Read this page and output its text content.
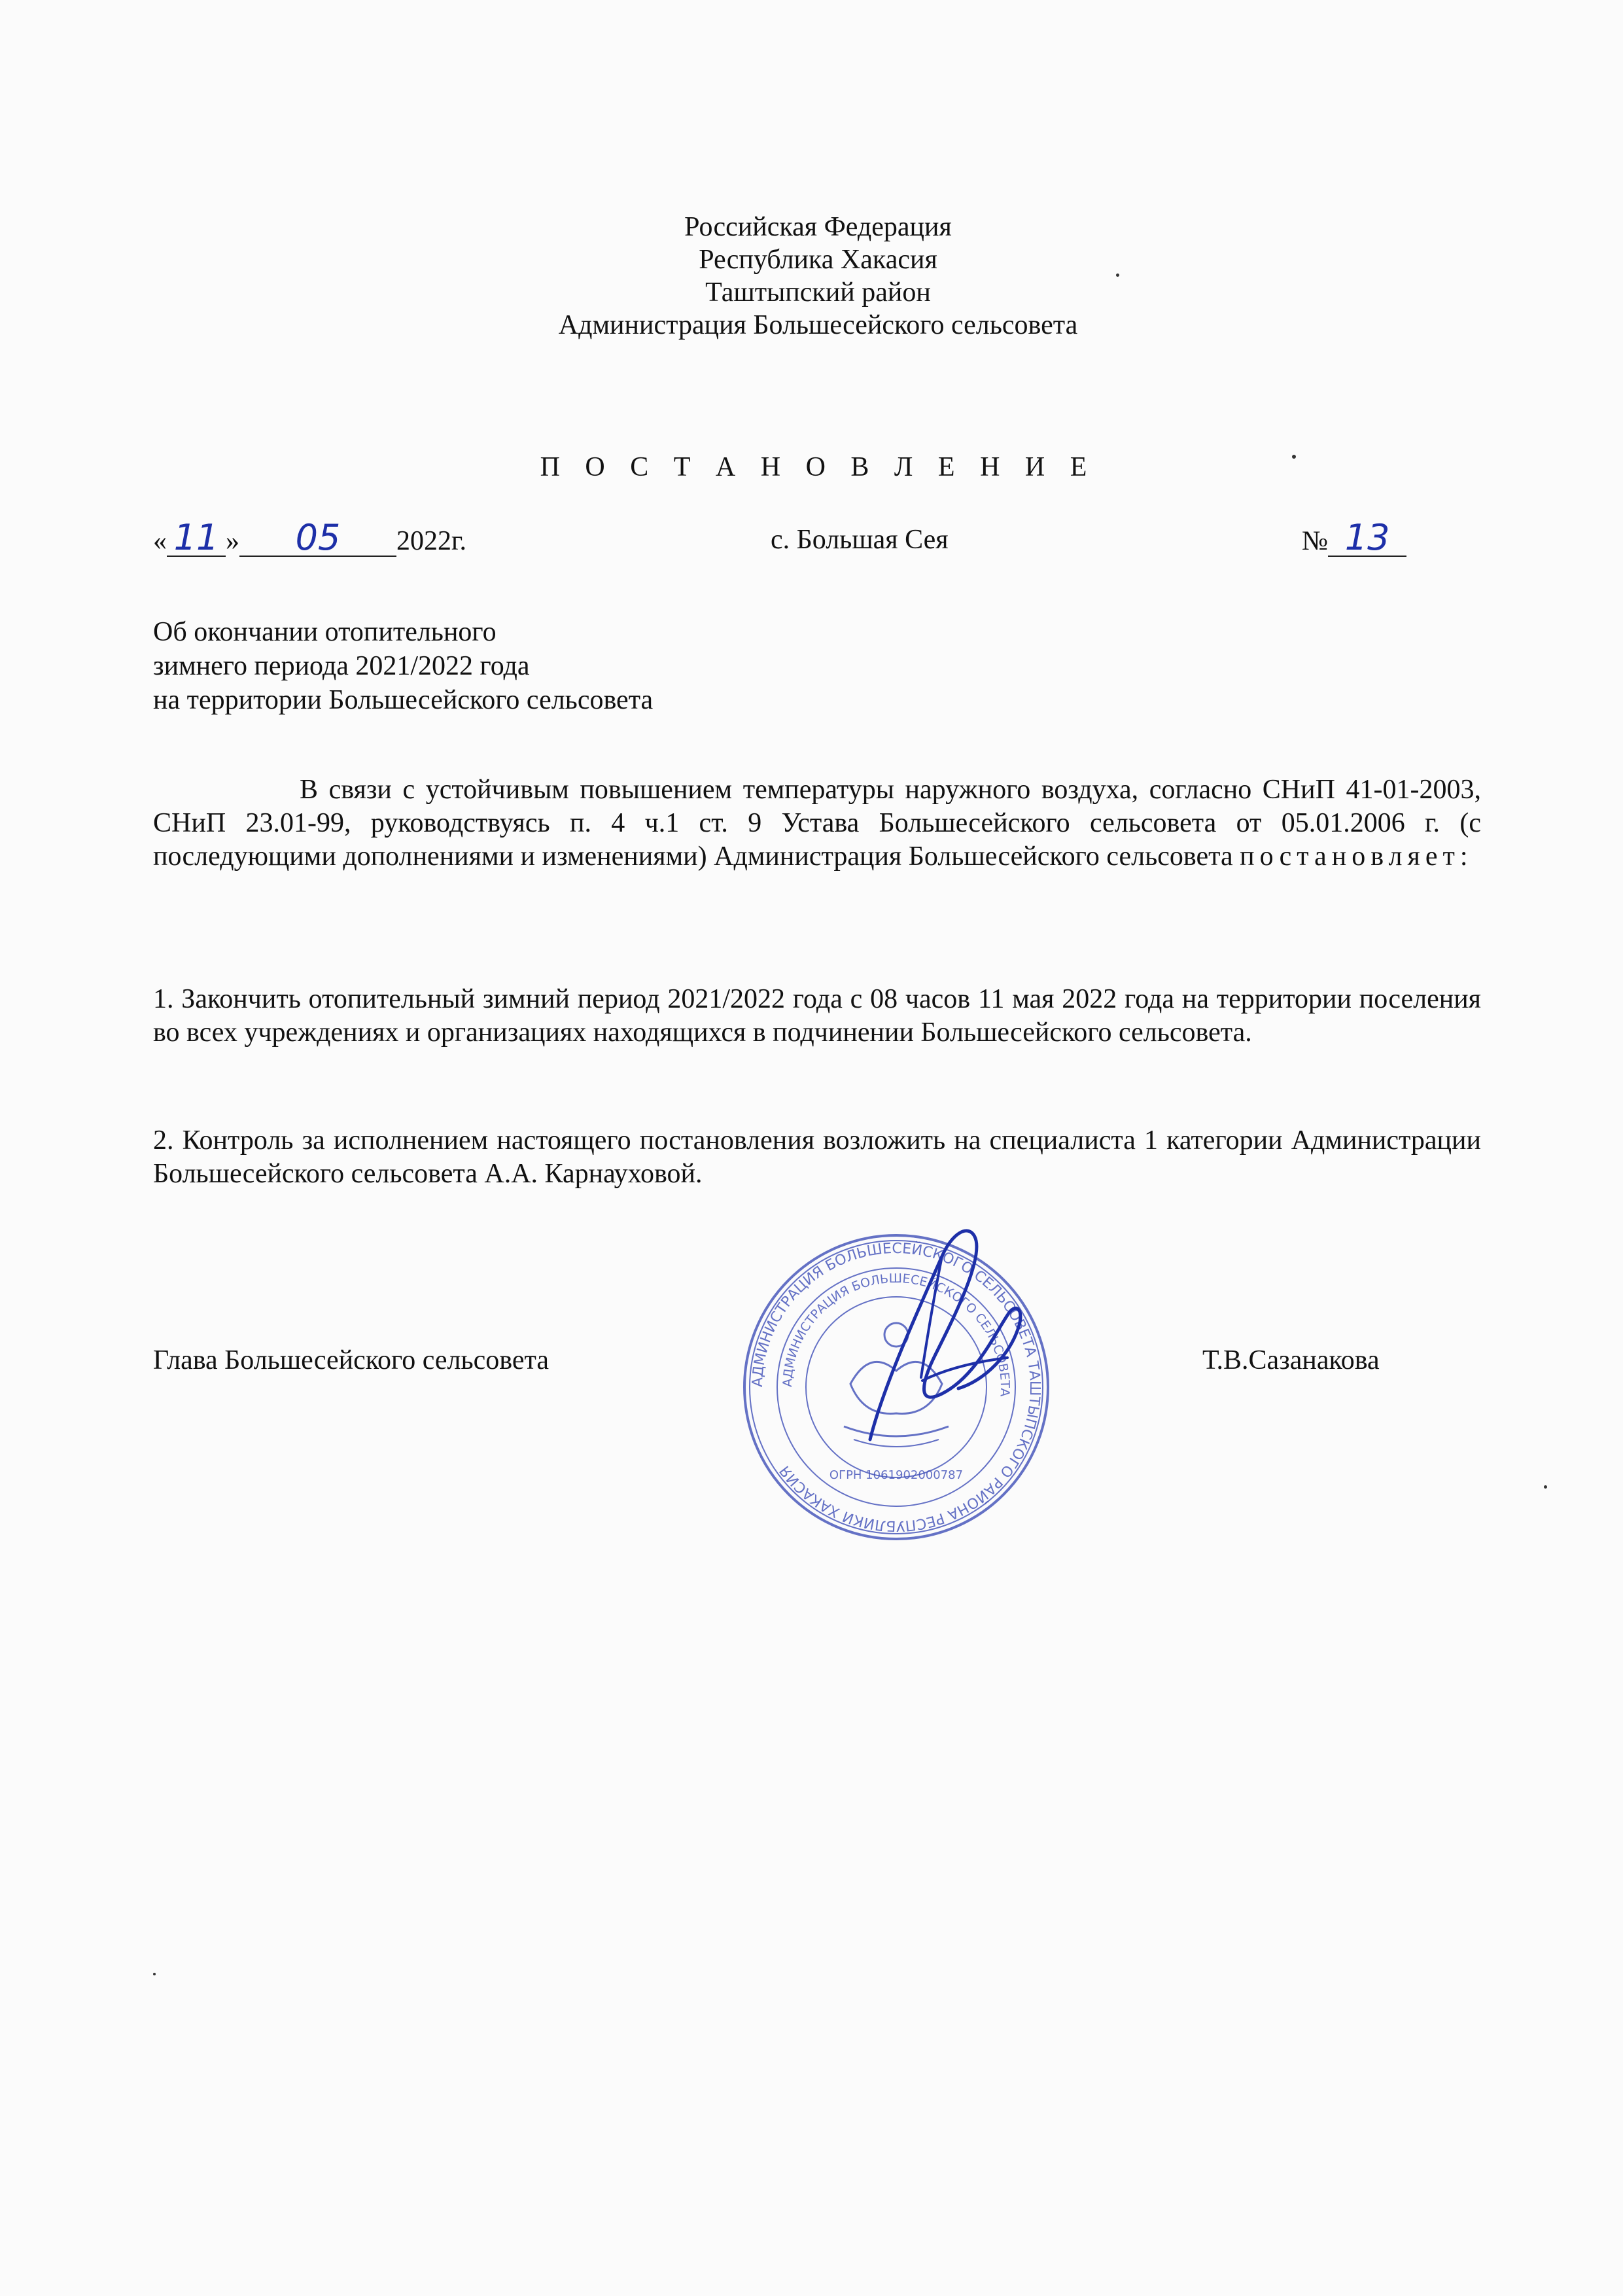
Российская Федерация
Республика Хакасия
Таштыпский район
Администрация Большесейского сельсовета
П О С Т А Н О В Л Е Н И Е
« 11 » 05 2022г.	с. Большая Сея	№ 13
Об окончании отопительного
зимнего периода 2021/2022 года
на территории Большесейского сельсовета
В связи с устойчивым повышением температуры наружного воздуха, согласно СНиП 41-01-2003, СНиП 23.01-99, руководствуясь п. 4 ч.1 ст. 9 Устава Большесейского сельсовета от 05.01.2006 г. (с последующими дополнениями и изменениями) Администрация Большесейского сельсовета постановляет:
1. Закончить отопительный зимний период 2021/2022 года с 08 часов 11 мая 2022 года на территории поселения во всех учреждениях и организациях находящихся в подчинении Большесейского сельсовета.
2. Контроль за исполнением настоящего постановления возложить на специалиста 1 категории Администрации Большесейского сельсовета А.А. Карнауховой.
АДМИНИСТРАЦИЯ БОЛЬШЕСЕЙСКОГО СЕЛЬСОВЕТА ТАШТЫПСКОГО РАЙОНА РЕСПУБЛИКИ ХАКАСИЯ
АДМИНИСТРАЦИЯ БОЛЬШЕСЕЙСКОГО СЕЛЬСОВЕТА
ОГРН 1061902000787
Глава Большесейского сельсовета	Т.В.Сазанакова
